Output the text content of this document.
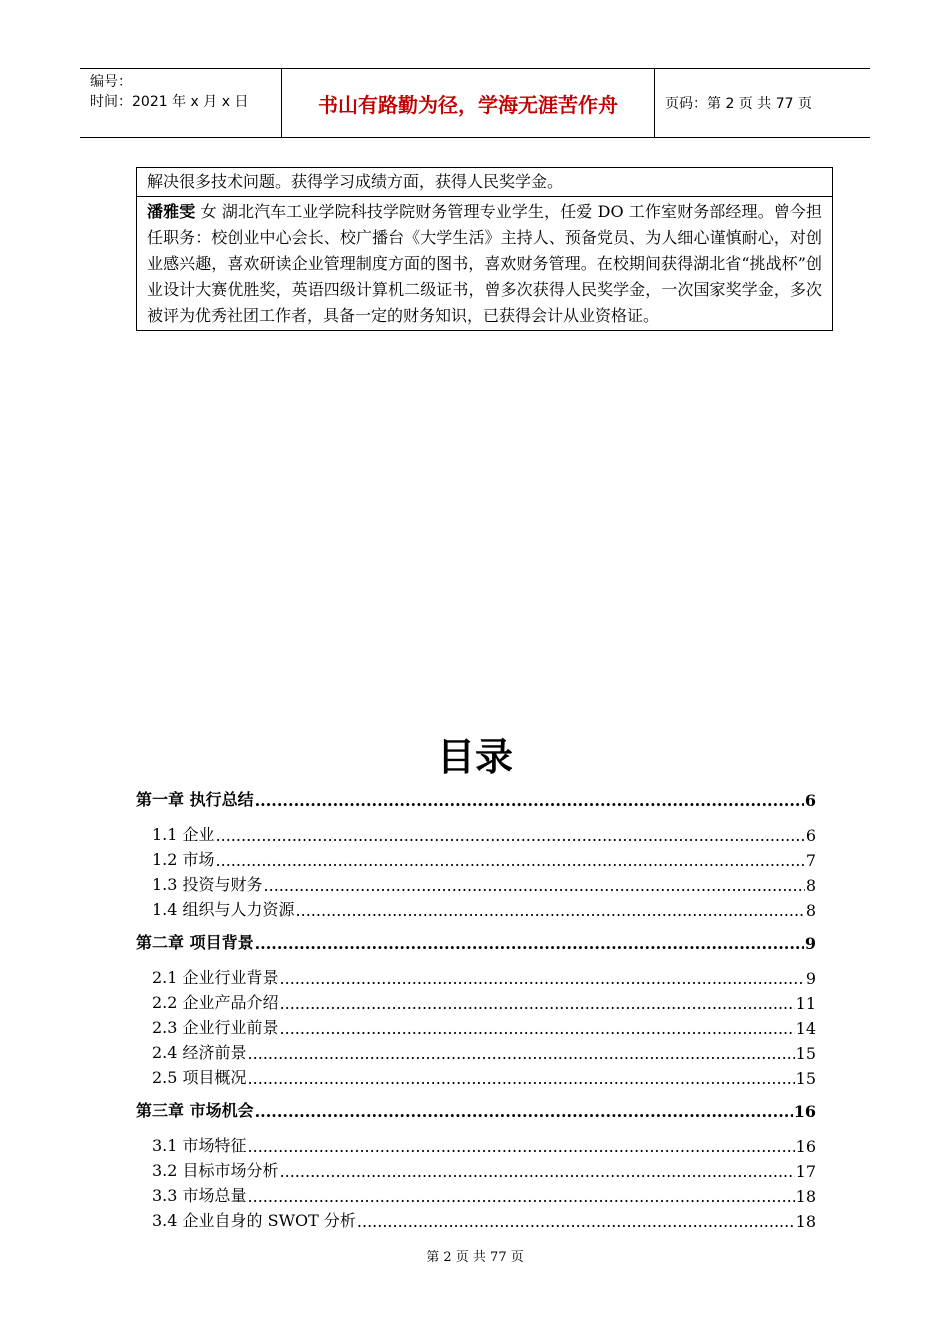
编号：
时间：2021 年 x 月 x 日	书山有路勤为径，学海无涯苦作舟	页码：第 2 页 共 77 页
解决很多技术问题。获得学习成绩方面，获得人民奖学金。
潘雅雯 女 湖北汽车工业学院科技学院财务管理专业学生，任爱 DO 工作室财务部经理。曾今担任职务：校创业中心会长、校广播台《大学生活》主持人、预备党员、为人细心谨慎耐心，对创业感兴趣，喜欢研读企业管理制度方面的图书，喜欢财务管理。在校期间获得湖北省“挑战杯”创业设计大赛优胜奖，英语四级计算机二级证书，曾多次获得人民奖学金，一次国家奖学金，多次被评为优秀社团工作者，具备一定的财务知识，已获得会计从业资格证。
目录
第一章 执行总结 .....	6
1.1 企业 .....	6
1.2 市场 .....	7
1.3 投资与财务 .....	8
1.4 组织与人力资源 .....	8
第二章 项目背景 .....	9
2.1 企业行业背景 .....	9
2.2 企业产品介绍 .....	11
2.3 企业行业前景 .....	14
2.4 经济前景 .....	15
2.5 项目概况 .....	15
第三章 市场机会 .....	16
3.1 市场特征 .....	16
3.2 目标市场分析 .....	17
3.3 市场总量 .....	18
3.4 企业自身的 SWOT 分析 .....	18
第 2 页 共 77 页
